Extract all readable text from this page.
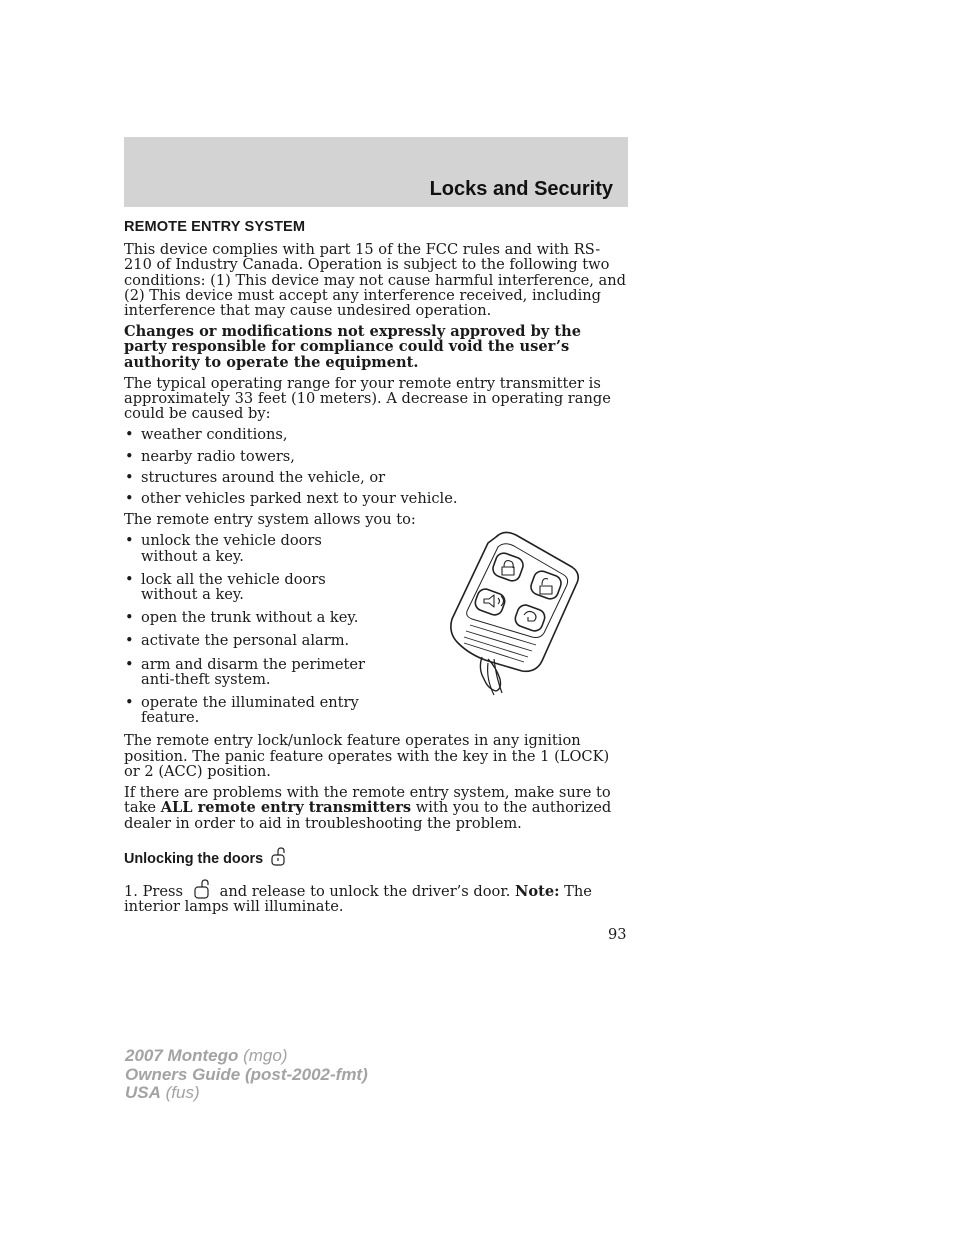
Locks and Security
REMOTE ENTRY SYSTEM

This device complies with part 15 of the FCC rules and with RS-210 of Industry Canada. Operation is subject to the following two conditions: (1) This device may not cause harmful interference, and (2) This device must accept any interference received, including interference that may cause undesired operation.

Changes or modifications not expressly approved by the party responsible for compliance could void the user’s authority to operate the equipment.

The typical operating range for your remote entry transmitter is approximately 33 feet (10 meters). A decrease in operating range could be caused by:

• weather conditions,
• nearby radio towers,
• structures around the vehicle, or
• other vehicles parked next to your vehicle.

The remote entry system allows you to:

• unlock the vehicle doors without a key.
• lock all the vehicle doors without a key.
• open the trunk without a key.
• activate the personal alarm.
• arm and disarm the perimeter anti-theft system.
• operate the illuminated entry feature.

The remote entry lock/unlock feature operates in any ignition position. The panic feature operates with the key in the 1 (LOCK) or 2 (ACC) position.

If there are problems with the remote entry system, make sure to take ALL remote entry transmitters with you to the authorized dealer in order to aid in troubleshooting the problem.

Unlocking the doors

1. Press	and release to unlock the driver’s door. Note: The interior lamps will illuminate.

93
2007 Montego (mgo)
Owners Guide (post-2002-fmt)
USA (fus)
